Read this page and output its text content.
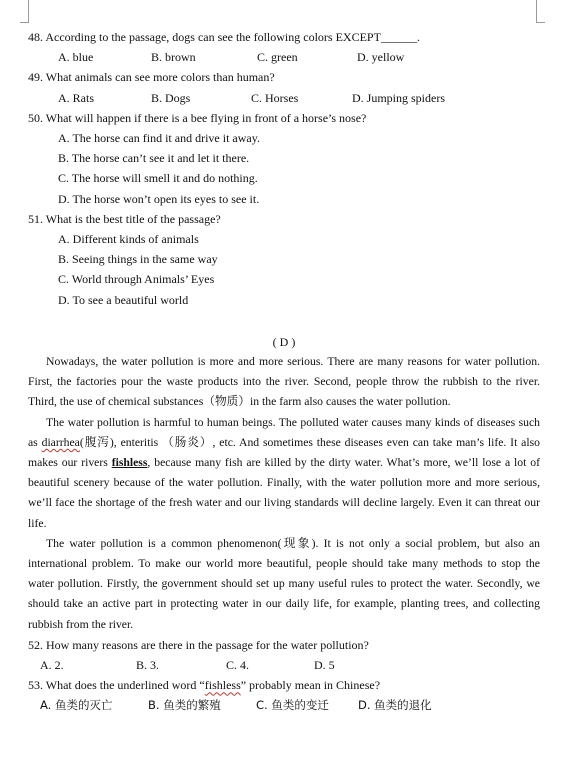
48. According to the passage, dogs can see the following colors EXCEPT______.
A. blue	B. brown	C. green	D. yellow
49. What animals can see more colors than human?
A. Rats	B. Dogs	C. Horses	D. Jumping spiders
50. What will happen if there is a bee flying in front of a horse’s nose?
A. The horse can find it and drive it away.
B. The horse can’t see it and let it there.
C. The horse will smell it and do nothing.
D. The horse won’t open its eyes to see it.
51. What is the best title of the passage?
A. Different kinds of animals
B. Seeing things in the same way
C. World through Animals’ Eyes
D. To see a beautiful world
( D )
Nowadays, the water pollution is more and more serious. There are many reasons for water pollution. First, the factories pour the waste products into the river. Second, people throw the rubbish to the river. Third, the use of chemical substances（物质）in the farm also causes the water pollution.
The water pollution is harmful to human beings. The polluted water causes many kinds of diseases such as diarrhea(腹泻), enteritis （肠炎）, etc. And sometimes these diseases even can take man’s life. It also makes our rivers fishless, because many fish are killed by the dirty water. What’s more, we’ll lose a lot of beautiful scenery because of the water pollution. Finally, with the water pollution more and more serious, we’ll face the shortage of the fresh water and our living standards will decline largely. Even it can threat our life.
The water pollution is a common phenomenon(现象). It is not only a social problem, but also an international problem. To make our world more beautiful, people should take many methods to stop the water pollution. Firstly, the government should set up many useful rules to protect the water. Secondly, we should take an active part in protecting water in our daily life, for example, planting trees, and collecting rubbish from the river.
52. How many reasons are there in the passage for the water pollution?
A. 2.	B. 3.	C. 4.	D. 5
53. What does the underlined word “fishless” probably mean in Chinese?
A. 鱼类的灭亡	B. 鱼类的繁殖	C. 鱼类的变迁	D. 鱼类的退化
